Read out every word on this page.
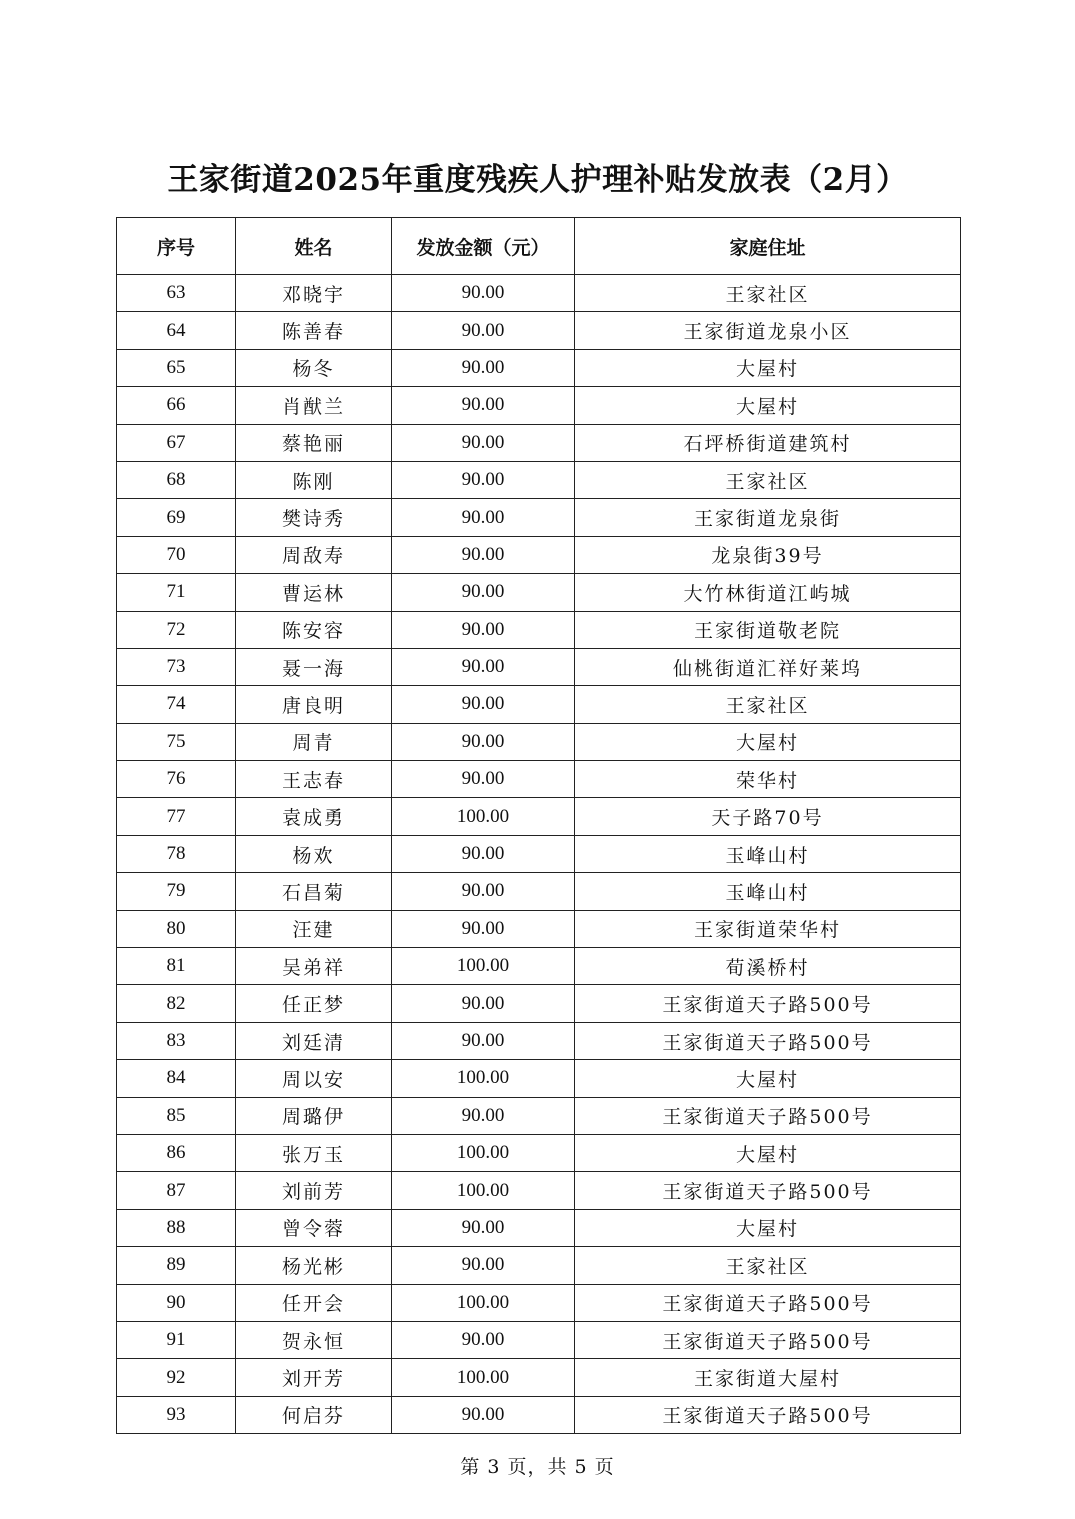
王家街道2025年重度残疾人护理补贴发放表（2月）
序号	姓名	发放金额（元）	家庭住址
63	邓晓宇	90.00	王家社区
64	陈善春	90.00	王家街道龙泉小区
65	杨冬	90.00	大屋村
66	肖猷兰	90.00	大屋村
67	蔡艳丽	90.00	石坪桥街道建筑村
68	陈刚	90.00	王家社区
69	樊诗秀	90.00	王家街道龙泉街
70	周敌寿	90.00	龙泉街39号
71	曹运林	90.00	大竹林街道江屿城
72	陈安容	90.00	王家街道敬老院
73	聂一海	90.00	仙桃街道汇祥好莱坞
74	唐良明	90.00	王家社区
75	周青	90.00	大屋村
76	王志春	90.00	荣华村
77	袁成勇	100.00	天子路70号
78	杨欢	90.00	玉峰山村
79	石昌菊	90.00	玉峰山村
80	汪建	90.00	王家街道荣华村
81	吴弟祥	100.00	荀溪桥村
82	任正梦	90.00	王家街道天子路500号
83	刘廷清	90.00	王家街道天子路500号
84	周以安	100.00	大屋村
85	周璐伊	90.00	王家街道天子路500号
86	张万玉	100.00	大屋村
87	刘前芳	100.00	王家街道天子路500号
88	曾令蓉	90.00	大屋村
89	杨光彬	90.00	王家社区
90	任开会	100.00	王家街道天子路500号
91	贺永恒	90.00	王家街道天子路500号
92	刘开芳	100.00	王家街道大屋村
93	何启芬	90.00	王家街道天子路500号
第 3 页，共 5 页
